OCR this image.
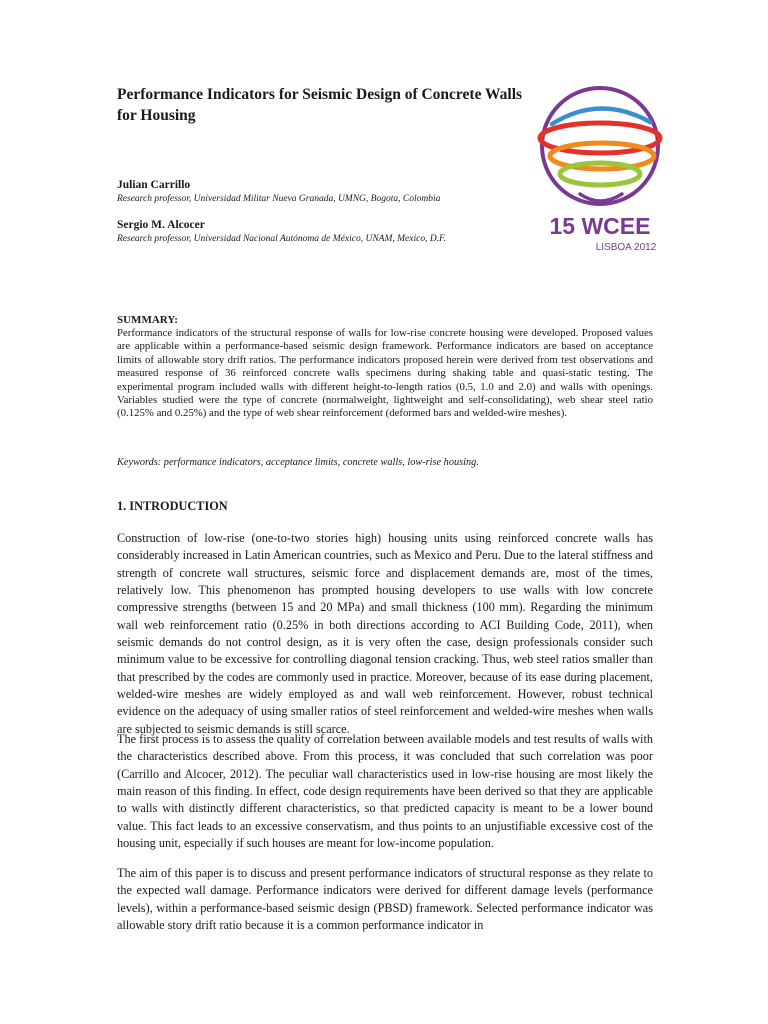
Performance Indicators for Seismic Design of Concrete Walls for Housing
Julian Carrillo
Research professor, Universidad Militar Nueva Granada, UMNG, Bogota, Colombia
Sergio M. Alcocer
Research professor, Universidad Nacional Autónoma de México, UNAM, Mexico, D.F.	15 WCEE
LISBOA 2012
SUMMARY:

Performance indicators of the structural response of walls for low-rise concrete housing were developed. Proposed values are applicable within a performance-based seismic design framework. Performance indicators are based on acceptance limits of allowable story drift ratios. The performance indicators proposed herein were derived from test observations and measured response of 36 reinforced concrete walls specimens during shaking table and quasi-static testing. The experimental program included walls with different height-to-length ratios (0.5, 1.0 and 2.0) and walls with openings. Variables studied were the type of concrete (normalweight, lightweight and self-consolidating), web shear steel ratio (0.125% and 0.25%) and the type of web shear reinforcement (deformed bars and welded-wire meshes).

Keywords: performance indicators, acceptance limits, concrete walls, low-rise housing.
1. INTRODUCTION

Construction of low-rise (one-to-two stories high) housing units using reinforced concrete walls has considerably increased in Latin American countries, such as Mexico and Peru. Due to the lateral stiffness and strength of concrete wall structures, seismic force and displacement demands are, most of the times, relatively low. This phenomenon has prompted housing developers to use walls with low concrete compressive strengths (between 15 and 20 MPa) and small thickness (100 mm). Regarding the minimum wall web reinforcement ratio (0.25% in both directions according to ACI Building Code, 2011), when seismic demands do not control design, as it is very often the case, design professionals consider such minimum value to be excessive for controlling diagonal tension cracking. Thus, web steel ratios smaller than that prescribed by the codes are commonly used in practice. Moreover, because of its ease during placement, welded-wire meshes are widely employed as and wall web reinforcement. However, robust technical evidence on the adequacy of using smaller ratios of steel reinforcement and welded-wire meshes when walls are subjected to seismic demands is still scarce.

The first process is to assess the quality of correlation between available models and test results of walls with the characteristics described above. From this process, it was concluded that such correlation was poor (Carrillo and Alcocer, 2012). The peculiar wall characteristics used in low-rise housing are most likely the main reason of this finding. In effect, code design requirements have been derived so that they are applicable to walls with distinctly different characteristics, so that predicted capacity is meant to be a lower bound value. This fact leads to an excessive conservatism, and thus points to an unjustifiable excessive cost of the housing unit, especially if such houses are meant for low-income population.

The aim of this paper is to discuss and present performance indicators of structural response as they relate to the expected wall damage. Performance indicators were derived for different damage levels (performance levels), within a performance-based seismic design (PBSD) framework. Selected performance indicator was allowable story drift ratio because it is a common performance indicator in
